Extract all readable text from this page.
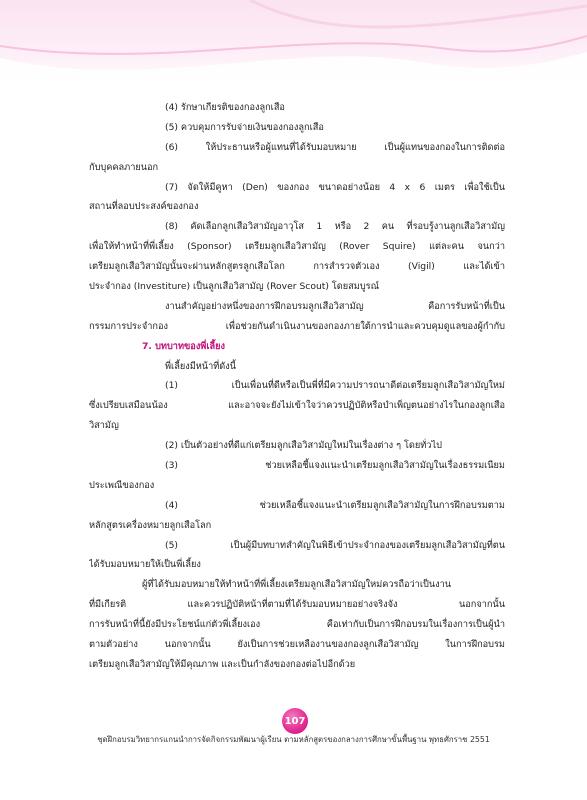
(4) รักษาเกียรติของกองลูกเสือ
(5) ควบคุมการรับจ่ายเงินของกองลูกเสือ
(6) ให้ประธานหรือผู้แทนที่ได้รับมอบหมาย เป็นผู้แทนของกองในการติดต่อ
กับบุคคลภายนอก
(7) จัดให้มีคูหา (Den) ของกอง ขนาดอย่างน้อย 4 x 6 เมตร เพื่อใช้เป็น
สถานที่ลอบประสงค์ของกอง
(8) คัดเลือกลูกเสือวิสามัญอาวุโส 1 หรือ 2 คน ที่รอบรู้งานลูกเสือวิสามัญ
เพื่อให้ทำหน้าที่พี่เลี้ยง (Sponsor) เตรียมลูกเสือวิสามัญ (Rover Squire) แต่ละคน จนกว่า
เตรียมลูกเสือวิสามัญนั้นจะผ่านหลักสูตรลูกเสือโลก การสำรวจตัวเอง (Vigil) และได้เข้า
ประจำกอง (Investiture) เป็นลูกเสือวิสามัญ (Rover Scout) โดยสมบูรณ์
งานสำคัญอย่างหนึ่งของการฝึกอบรมลูกเสือวิสามัญ คือการรับหน้าที่เป็น
กรรมการประจำกอง เพื่อช่วยกันดำเนินงานของกองภายใต้การนำและควบคุมดูแลของผู้กำกับ
7. บทบาทของพี่เลี้ยง
พี่เลี้ยงมีหน้าที่ดังนี้
(1) เป็นเพื่อนที่ดีหรือเป็นพี่ที่มีความปรารถนาดีต่อเตรียมลูกเสือวิสามัญใหม่
ซึ่งเปรียบเสมือนน้อง และอาจจะยังไม่เข้าใจว่าควรปฏิบัติหรือบำเพ็ญตนอย่างไรในกองลูกเสือ
วิสามัญ
(2) เป็นตัวอย่างที่ดีแก่เตรียมลูกเสือวิสามัญใหม่ในเรื่องต่าง ๆ โดยทั่วไป
(3) ช่วยเหลือชี้แจงแนะนำเตรียมลูกเสือวิสามัญในเรื่องธรรมเนียม
ประเพณีของกอง
(4) ช่วยเหลือชี้แจงแนะนำเตรียมลูกเสือวิสามัญในการฝึกอบรมตาม
หลักสูตรเครื่องหมายลูกเสือโลก
(5) เป็นผู้มีบทบาทสำคัญในพิธีเข้าประจำกองของเตรียมลูกเสือวิสามัญที่ตน
ได้รับมอบหมายให้เป็นพี่เลี้ยง
ผู้ที่ได้รับมอบหมายให้ทำหน้าที่พี่เลี้ยงเตรียมลูกเสือวิสามัญใหม่ควรถือว่าเป็นงาน
ที่มีเกียรติ และควรปฏิบัติหน้าที่ตามที่ได้รับมอบหมายอย่างจริงจัง นอกจากนั้น
การรับหน้าที่นี้ยังมีประโยชน์แก่ตัวพี่เลี้ยงเอง คือเท่ากับเป็นการฝึกอบรมในเรื่องการเป็นผู้นำ
ตามตัวอย่าง นอกจากนั้น ยังเป็นการช่วยเหลืองานของกองลูกเสือวิสามัญ ในการฝึกอบรม
เตรียมลูกเสือวิสามัญให้มีคุณภาพ และเป็นกำลังของกองต่อไปอีกด้วย
107
ชุดฝึกอบรมวิทยากรแกนนำการจัดกิจกรรมพัฒนาผู้เรียน ตามหลักสูตรของกลางการศึกษาขั้นพื้นฐาน พุทธศักราช 2551
